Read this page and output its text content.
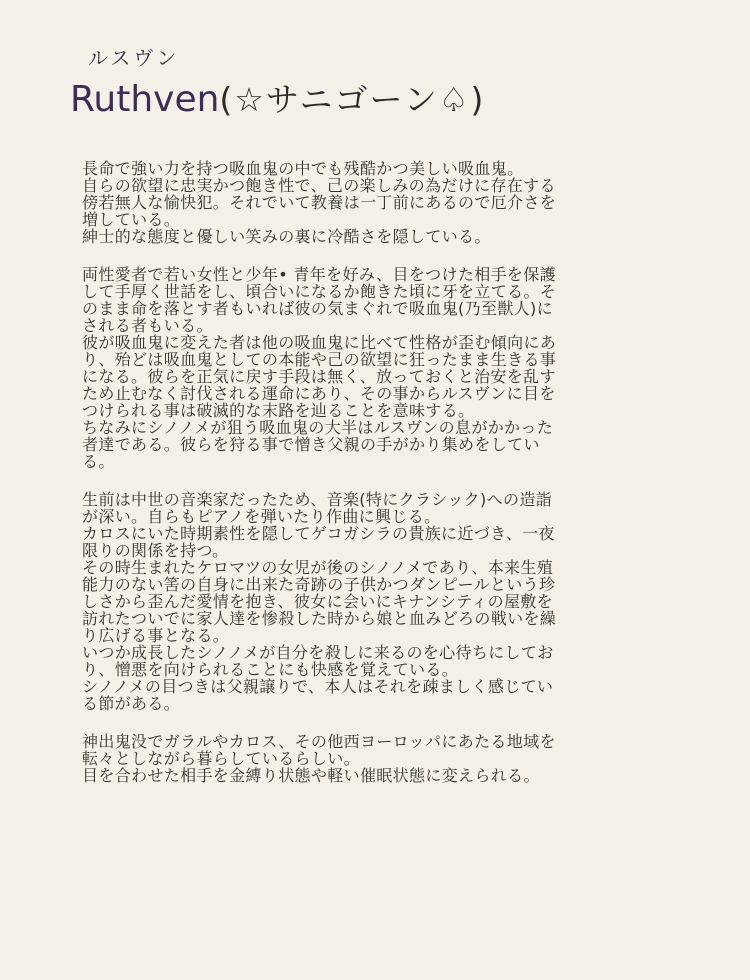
ルスヴン
Ruthven (☆サニゴーン♤)
長命で強い力を持つ吸血鬼の中でも残酷かつ美しい吸血鬼。
自らの欲望に忠実かつ飽き性で、己の楽しみの為だけに存在する
傍若無人な愉快犯。それでいて教養は一丁前にあるので厄介さを
増している。
紳士的な態度と優しい笑みの裏に冷酷さを隠している。
両性愛者で若い女性と少年• 青年を好み、目をつけた相手を保護
して手厚く世話をし、頃合いになるか飽きた頃に牙を立てる。そ
のまま命を落とす者もいれば彼の気まぐれで吸血鬼(乃至獣人)に
される者もいる。
彼が吸血鬼に変えた者は他の吸血鬼に比べて性格が歪む傾向にあ
り、殆どは吸血鬼としての本能や己の欲望に狂ったまま生きる事
になる。彼らを正気に戻す手段は無く、放っておくと治安を乱す
ため止むなく討伐される運命にあり、その事からルスヴンに目を
つけられる事は破滅的な末路を辿ることを意味する。
ちなみにシノノメが狙う吸血鬼の大半はルスヴンの息がかかった
者達である。彼らを狩る事で憎き父親の手がかり集めをしてい
る。
生前は中世の音楽家だったため、音楽(特にクラシック)への造詣
が深い。自らもピアノを弾いたり作曲に興じる。
カロスにいた時期素性を隠してゲコガシラの貴族に近づき、一夜
限りの関係を持つ。
その時生まれたケロマツの女児が後のシノノメであり、本来生殖
能力のない筈の自身に出来た奇跡の子供かつダンピールという珍
しさから歪んだ愛情を抱き、彼女に会いにキナンシティの屋敷を
訪れたついでに家人達を惨殺した時から娘と血みどろの戦いを繰
り広げる事となる。
いつか成長したシノノメが自分を殺しに来るのを心待ちにしてお
り、憎悪を向けられることにも快感を覚えている。
シノノメの目つきは父親譲りで、本人はそれを疎ましく感じてい
る節がある。
神出鬼没でガラルやカロス、その他西ヨーロッパにあたる地域を
転々としながら暮らしているらしい。
目を合わせた相手を金縛り状態や軽い催眠状態に変えられる。
